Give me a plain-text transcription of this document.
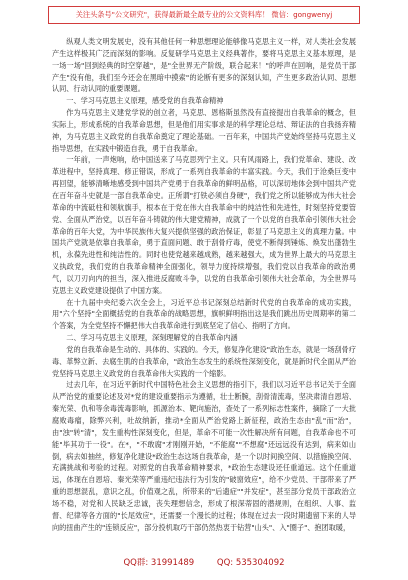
关注头条号"公文研究"，获得最新最全最专业的公文资料库！ 微信：gongwenyj

纵观人类文明发展史，没有其他任何一种思想理论能够像马克思主义一样，对人类社会发展产生这样极其广泛而深刻的影响。反复研学马克思主义经典著作，要将马克思主义基本原理，是一场一场"回到经典的时空穿越"，是"全世界无产阶级，联合起来！"的呼声在回响，是党员干部产生"没有他，我们至今还会在黑暗中摸索"的论断有更多的深刻认知，产生更多政治认同、思想认同、行动认同的重要课题。

一、学习马克思主义原理，感受党的自我革命精神

作为马克思主义建党学说的创立者，马克思、恩格斯虽然没有直接提出自我革命的概念，但实际上，形成系统的自我革命思想，但是他们用实事求是的科学理论总结、辩证法的自我扬弃精神，为马克思主义政党的自我革命奠定了理论基础。一百年来，中国共产党始终坚持马克思主义指导思想，在实践中锻造自我，勇于自我革命。

一年前，一声炮响，给中国送来了马克思列宁主义。只有风雨路上，我们党革命、建设、改革进程中，坚持真理、修正错误，形成了一系列自我革命的丰富实践。今天，我们于沧桑巨变中再回望，能够清晰地感受到中国共产党勇于自我革命的鲜明品格，可以深切地体会到中国共产党在百年奋斗史就是一部自我革命史。正所谓"打铁必须自身硬"，我们党之所以能够成为伟大社会革命的中流砥柱和领航旗手，根本在于党在伟大自我革命中的纯洁性和先进性，时刻坚持党要管党、全面从严治党，以百年奋斗铸就的伟大建党精神，成就了一个以党的自我革命引领伟大社会革命的百年大党，为中华民族伟大复兴提供坚强的政治保证，彰显了马克思主义的真理力量。中国共产党就是依靠自我革命，勇于直面问题、敢于刮骨疗毒，使党不断得到锤炼、焕发出蓬勃生机，永葆先进性和纯洁性的。同时也使党越来越成熟，越来越强大，成为世界上最大的马克思主义执政党，我们党的自我革命精神全面强化，领导力度持续增强，我们党以自我革命的政治勇气，以刀刃向内的担当，深入推进反腐败斗争，以党的自我革命引领伟大社会革命，为全世界马克思主义政党建设提供了中国方案。

在十九届中央纪委六次全会上，习近平总书记深刻总结新时代党的自我革命的成功实践，用"六个坚持"全面概括党的自我革命的战略思想，旗帜鲜明指出这是我们跳出历史周期率的第二个答案，为全党坚持不懈把伟大自我革命进行到底坚定了信心、指明了方向。

二、学习马克思主义原理，深刻理解党的自我革命内涵

党的自我革命是生动的、具体的、实践的。今天，修复净化建设"政治生态，就是一场刮骨疗毒、革弊立新、去腐生肌的自我革命，"政治生态发生的系统性深刻变化，就是新时代全面从严治党坚持马克思主义政党的自我革命伟大实践的一个缩影。

过去几年，在习近平新时代中国特色社会主义思想的指引下，我们以习近平总书记关于全面从严治党的重要论述及对*党的建设重要指示为遵循，壮士断腕，刮骨清流毒，坚决肃清自恩培、秦光荣、仇和等余毒流毒影响，抓源治本、靶向施治，查处了一系列标志性案件，摘除了一大批腐败毒瘤，除弊兴利，吐故纳新，推动*全面从严治党路上新征程，政治生态由"乱"而"治"，由"浊"转"清"，发生重构性深刻变化，但是，革命不可能一次性解决所有问题，自我革命也不可能"毕其功于一役"。在*，"不敢腐"才刚刚开始，"不能腐""不想腐"还远远没有达到，病来如山倒，病去如抽丝，修复净化建设*政治生态这场自我革命，是一个以时间换空间、以措施换空间、充满挑战和考验的过程。对照党的自我革命精神要求，*政治生态建设还任重道远。这个任重道远，体现在自恩培、秦光荣等严重违纪违法行为引发的"破窗效应"，给不少党员、干部带来了严重的思想混乱，意识之乱，价值观之乱，所带来的"后遗症""并发症"，甚至部分党员干部政治立场不稳，对党和人民缺乏忠诚，丧失理想信念，形成了根深蒂固的潜规则，在组织、人事、监督、纪律等各方面的"长尾效应"，还需要一个漫长的过程；体现在过去一段时期遗留下来的人导向的扭曲产生的"连锁反应"，部分投机取巧干部仍然热衷于钻营"山头"、入"圈子"、抱团取暖，

QQ群: 31991489	QQ: 535304092
